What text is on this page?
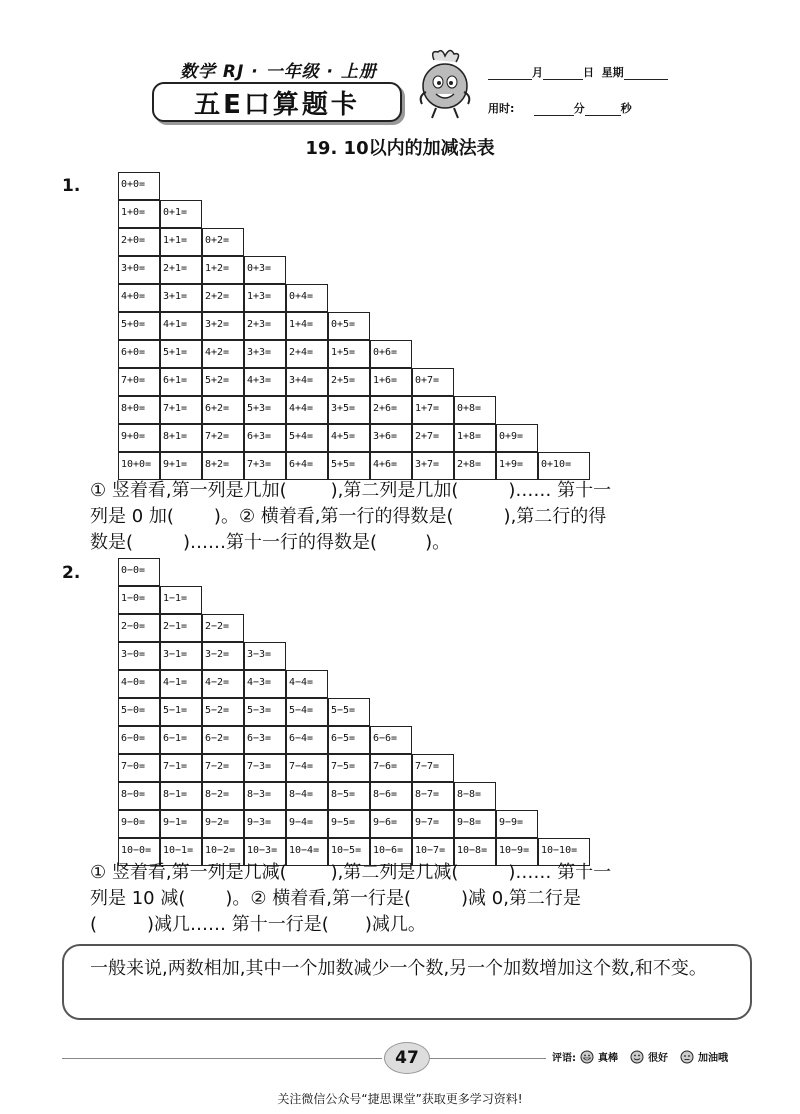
数学 RJ · 一年级 · 上册
五E口算题卡
月	日 星期
用时:	分	秒
19. 10以内的加减法表
1.	0+0=
1+0=	0+1=
2+0=	1+1=	0+2=
3+0=	2+1=	1+2=	0+3=
4+0=	3+1=	2+2=	1+3=	0+4=
5+0=	4+1=	3+2=	2+3=	1+4=	0+5=
6+0=	5+1=	4+2=	3+3=	2+4=	1+5=	0+6=
7+0=	6+1=	5+2=	4+3=	3+4=	2+5=	1+6=	0+7=
8+0=	7+1=	6+2=	5+3=	4+4=	3+5=	2+6=	1+7=	0+8=
9+0=	8+1=	7+2=	6+3=	5+4=	4+5=	3+6=	2+7=	1+8=	0+9=
10+0=	9+1=	8+2=	7+3=	6+4=	5+5=	4+6=	3+7=	2+8=	1+9=	0+10=
① 竖着看,第一列是几加( ),第二列是几加(	)…… 第十一
列是 0 加( )。② 横着看,第一行的得数是(	),第二行的得
数是(	)……第十一行的得数是(	)。
2.	0−0=
1−0=	1−1=
2−0=	2−1=	2−2=
3−0=	3−1=	3−2=	3−3=
4−0=	4−1=	4−2=	4−3=	4−4=
5−0=	5−1=	5−2=	5−3=	5−4=	5−5=
6−0=	6−1=	6−2=	6−3=	6−4=	6−5=	6−6=
7−0=	7−1=	7−2=	7−3=	7−4=	7−5=	7−6=	7−7=
8−0=	8−1=	8−2=	8−3=	8−4=	8−5=	8−6=	8−7=	8−8=
9−0=	9−1=	9−2=	9−3=	9−4=	9−5=	9−6=	9−7=	9−8=	9−9=
10−0=	10−1=	10−2=	10−3=	10−4=	10−5=	10−6=	10−7=	10−8=	10−9=	10−10=
① 竖着看,第一列是几减( ),第二列是几减(	)…… 第十一
列是 10 减( )。② 横着看,第一行是(	)减 0,第二行是
(	)减几…… 第十一行是( )减几。
一般来说,两数相加,其中一个加数减少一个数,另一个加数增加这个数,和不变。
47	评语: 真棒	很好	加油哦
关注微信公众号“捷思课堂”获取更多学习资料!
